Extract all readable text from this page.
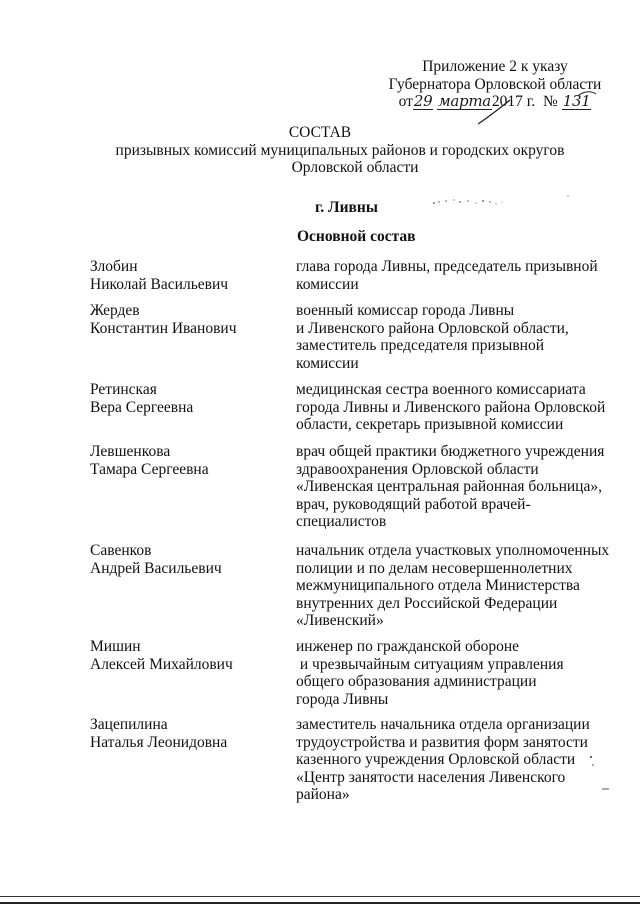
Приложение 2 к указу
Губернатора Орловской области
от29 марта2017 г. № 131
СОСТАВ
призывных комиссий муниципальных районов и городских округов
Орловской области
г. Ливны
Основной состав
Злобин
Николай Васильевич
глава города Ливны, председатель призывной
комиссии
Жердев
Константин Иванович
военный комиссар города Ливны
и Ливенского района Орловской области,
заместитель председателя призывной
комиссии
Ретинская
Вера Сергеевна
медицинская сестра военного комиссариата
города Ливны и Ливенского района Орловской
области, секретарь призывной комиссии
Левшенкова
Тамара Сергеевна
врач общей практики бюджетного учреждения
здравоохранения Орловской области
«Ливенская центральная районная больница»,
врач, руководящий работой врачей-
специалистов
Савенков
Андрей Васильевич
начальник отдела участковых уполномоченных
полиции и по делам несовершеннолетних
межмуниципального отдела Министерства
внутренних дел Российской Федерации
«Ливенский»
Мишин
Алексей Михайлович
инженер по гражданской обороне
и чрезвычайным ситуациям управления
общего образования администрации
города Ливны
Зацепилина
Наталья Леонидовна
заместитель начальника отдела организации
трудоустройства и развития форм занятости
казенного учреждения Орловской области
«Центр занятости населения Ливенского
района»
